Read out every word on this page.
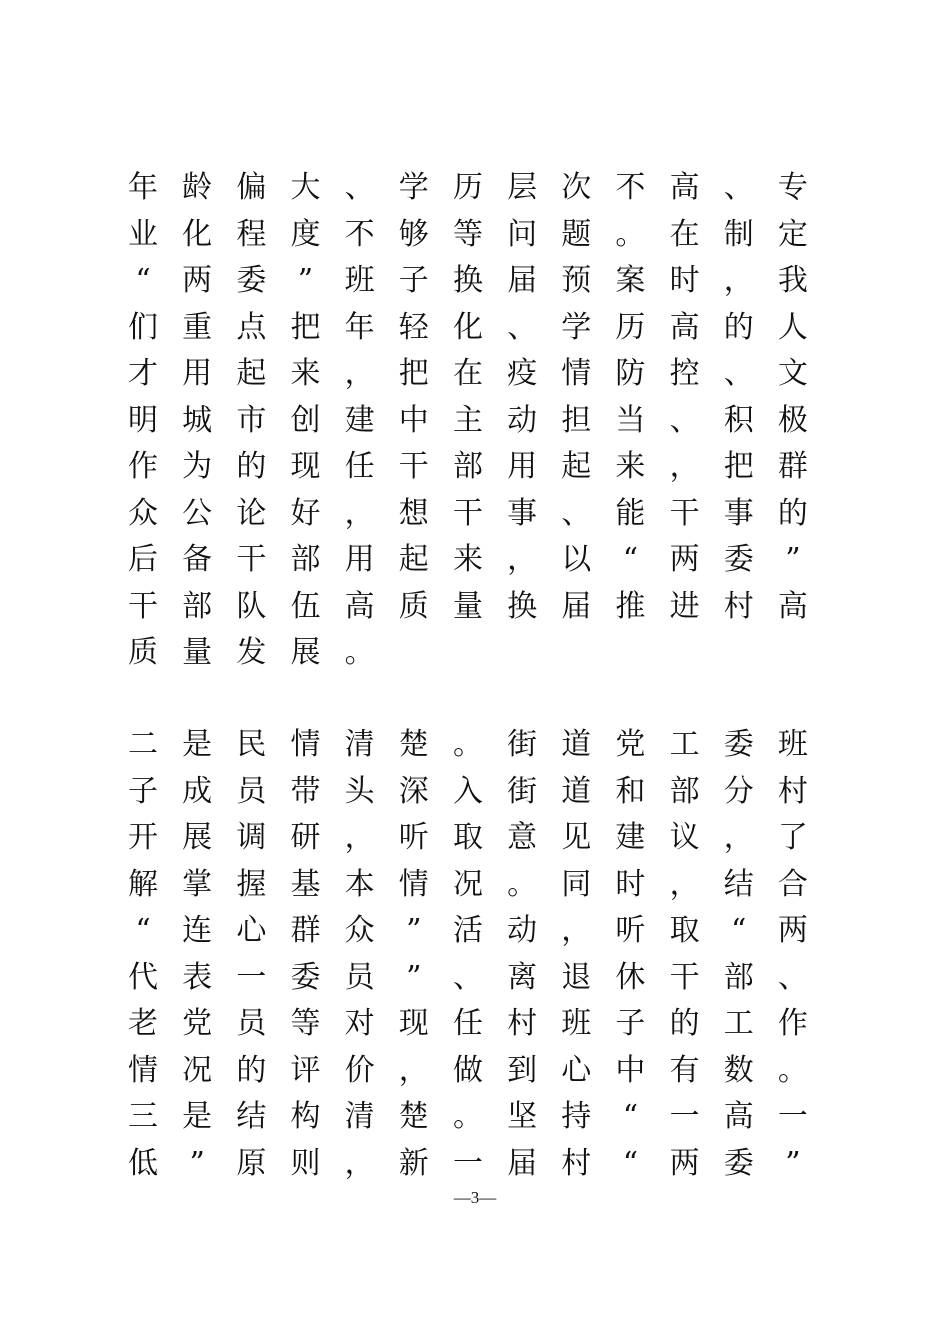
年 龄 偏 大 、 学 历 层 次 不 高 、 专
业 化 程 度 不 够 等 问 题 。 在 制 定
“ 两 委 ” 班 子 换 届 预 案 时 ， 我
们 重 点 把 年 轻 化 、 学 历 高 的 人
才 用 起 来 ， 把 在 疫 情 防 控 、 文
明 城 市 创 建 中 主 动 担 当 、 积 极
作 为 的 现 任 干 部 用 起 来 ， 把 群
众 公 论 好 ， 想 干 事 、 能 干 事 的
后 备 干 部 用 起 来 ， 以 “ 两 委 ”
干 部 队 伍 高 质 量 换 届 推 进 村 高
质 量 发 展 。
二 是 民 情 清 楚 。 街 道 党 工 委 班
子 成 员 带 头 深 入 街 道 和 部 分 村
开 展 调 研 ， 听 取 意 见 建 议 ， 了
解 掌 握 基 本 情 况 。 同 时 ， 结 合
“ 连 心 群 众 ” 活 动 ， 听 取 “ 两
代 表 一 委 员 ” 、 离 退 休 干 部 、
老 党 员 等 对 现 任 村 班 子 的 工 作
情 况 的 评 价 ， 做 到 心 中 有 数 。
三 是 结 构 清 楚 。 坚 持 “ 一 高 一
低 ” 原 则 ， 新 一 届 村 “ 两 委 ”
—3—
